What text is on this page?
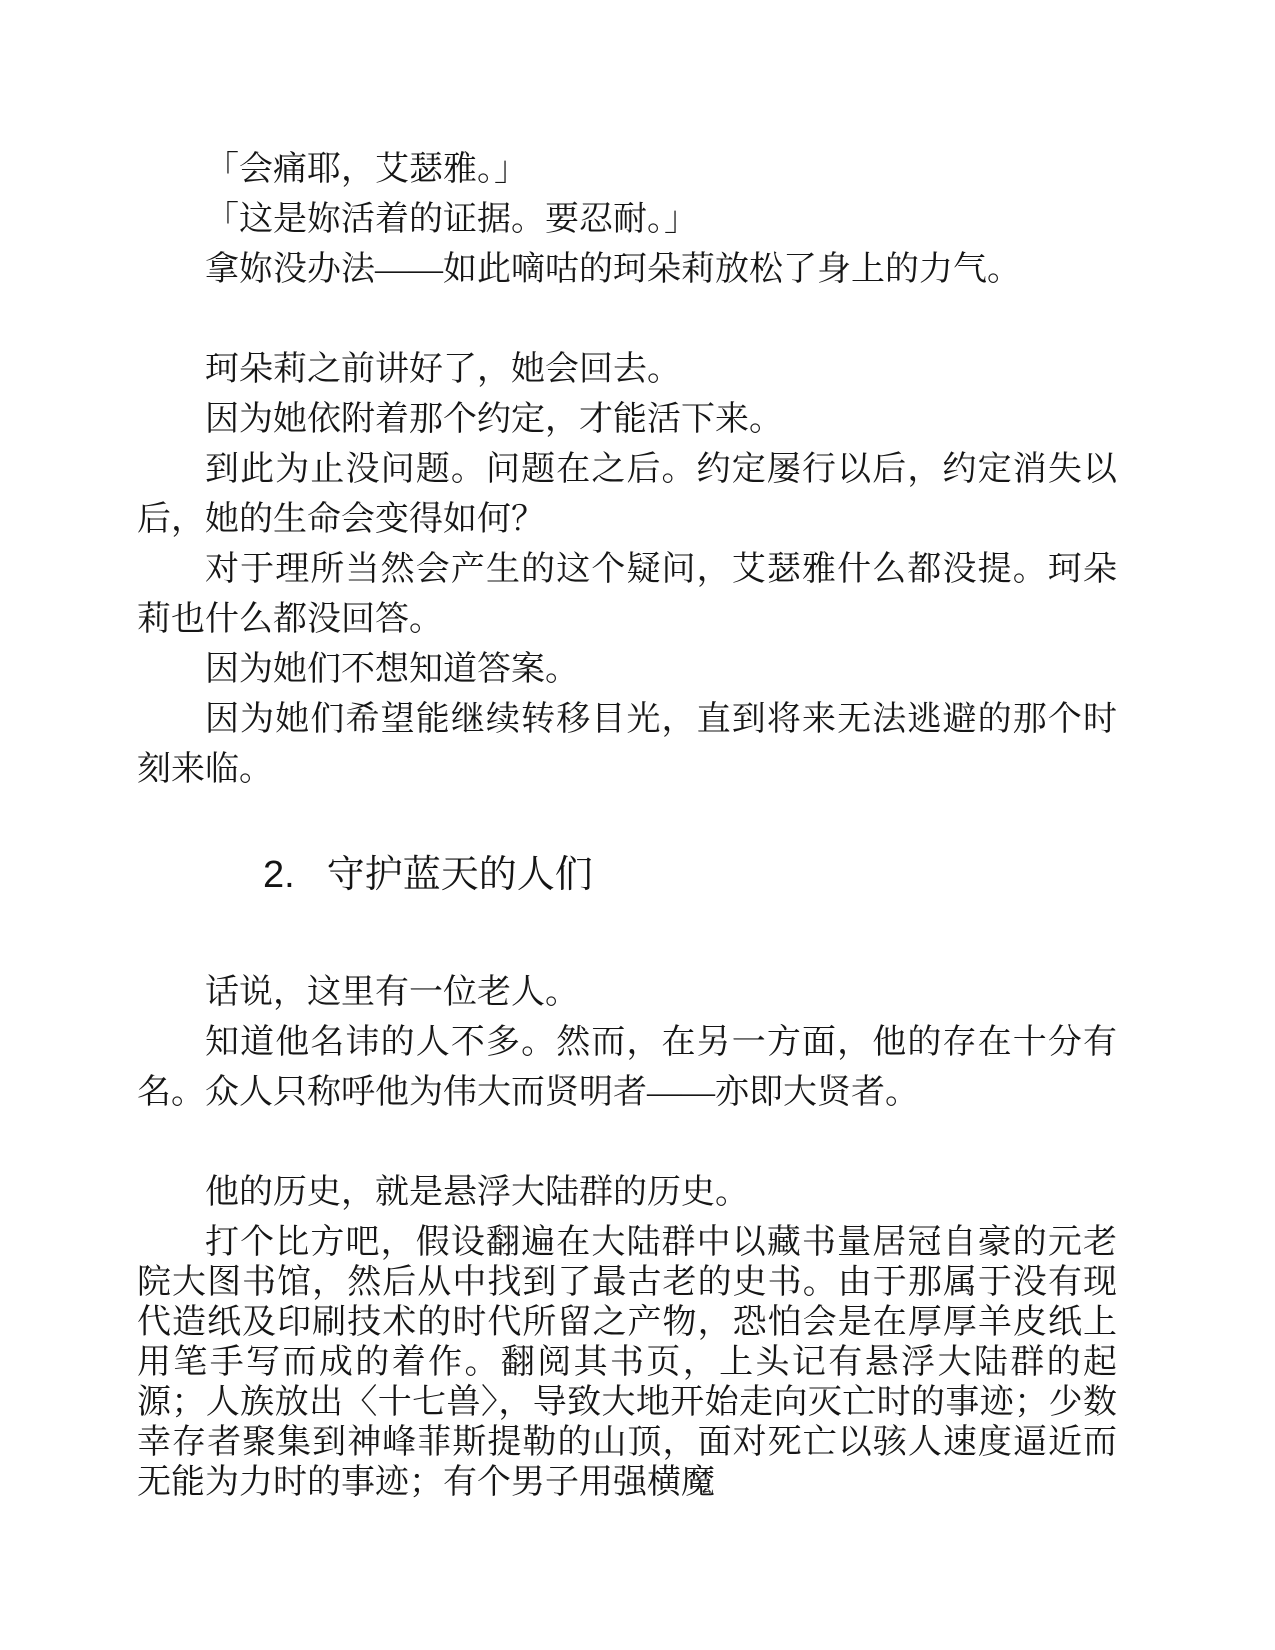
「会痛耶，艾瑟雅。」

「这是妳活着的证据。要忍耐。」

拿妳没办法——如此嘀咕的珂朵莉放松了身上的力气。

珂朵莉之前讲好了，她会回去。

因为她依附着那个约定，才能活下来。

到此为止没问题。问题在之后。约定屡行以后，约定消失以后，她的生命会变得如何？

对于理所当然会产生的这个疑问，艾瑟雅什么都没提。珂朵莉也什么都没回答。

因为她们不想知道答案。

因为她们希望能继续转移目光，直到将来无法逃避的那个时刻来临。

2. 守护蓝天的人们

话说，这里有一位老人。

知道他名讳的人不多。然而，在另一方面，他的存在十分有名。众人只称呼他为伟大而贤明者——亦即大贤者。

他的历史，就是悬浮大陆群的历史。

打个比方吧，假设翻遍在大陆群中以藏书量居冠自豪的元老院大图书馆，然后从中找到了最古老的史书。由于那属于没有现代造纸及印刷技术的时代所留之产物，恐怕会是在厚厚羊皮纸上用笔手写而成的着作。翻阅其书页，上头记有悬浮大陆群的起源；人族放出〈十七兽〉，导致大地开始走向灭亡时的事迹；少数幸存者聚集到神峰菲斯提勒的山顶，面对死亡以骇人速度逼近而无能为力时的事迹；有个男子用强横魔
